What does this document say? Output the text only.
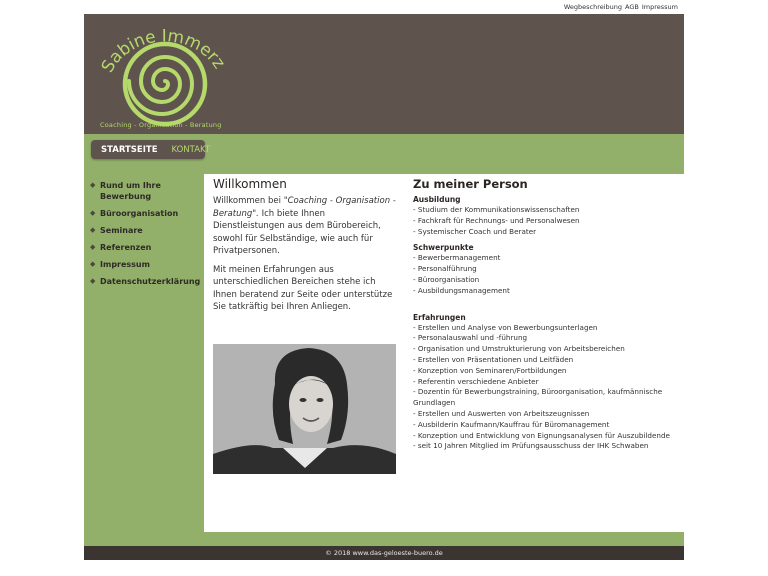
Wegbeschreibung AGB Impressum
Sabine Immerz
Coaching - Organisation - Beratung
STARTSEITE KONTAKT
◆ Rund um Ihre Bewerbung
◆ Büroorganisation
◆ Seminare
◆ Referenzen
◆ Impressum
◆ Datenschutzerklärung
Willkommen

Willkommen bei "Coaching - Organisation - Beratung". Ich biete Ihnen Dienstleistungen aus dem Bürobereich, sowohl für Selbständige, wie auch für Privatpersonen.

Mit meinen Erfahrungen aus unterschiedlichen Bereichen stehe ich Ihnen beratend zur Seite oder unterstütze Sie tatkräftig bei Ihren Anliegen.

Zu meiner Person
Ausbildung
- Studium der Kommunikationswissenschaften
- Fachkraft für Rechnungs- und Personalwesen
- Systemischer Coach und Berater
Schwerpunkte
- Bewerbermanagement
- Personalführung
- Büroorganisation
- Ausbildungsmanagement
Erfahrungen
- Erstellen und Analyse von Bewerbungsunterlagen
- Personalauswahl und -führung
- Organisation und Umstrukturierung von Arbeitsbereichen
- Erstellen von Präsentationen und Leitfäden
- Konzeption von Seminaren/Fortbildungen
- Referentin verschiedene Anbieter
- Dozentin für Bewerbungstraining, Büroorganisation, kaufmännische Grundlagen
- Erstellen und Auswerten von Arbeitszeugnissen
- Ausbilderin Kaufmann/Kauffrau für Büromanagement
- Konzeption und Entwicklung von Eignungsanalysen für Auszubildende
- seit 10 Jahren Mitglied im Prüfungsausschuss der IHK Schwaben
© 2018 www.das-geloeste-buero.de
